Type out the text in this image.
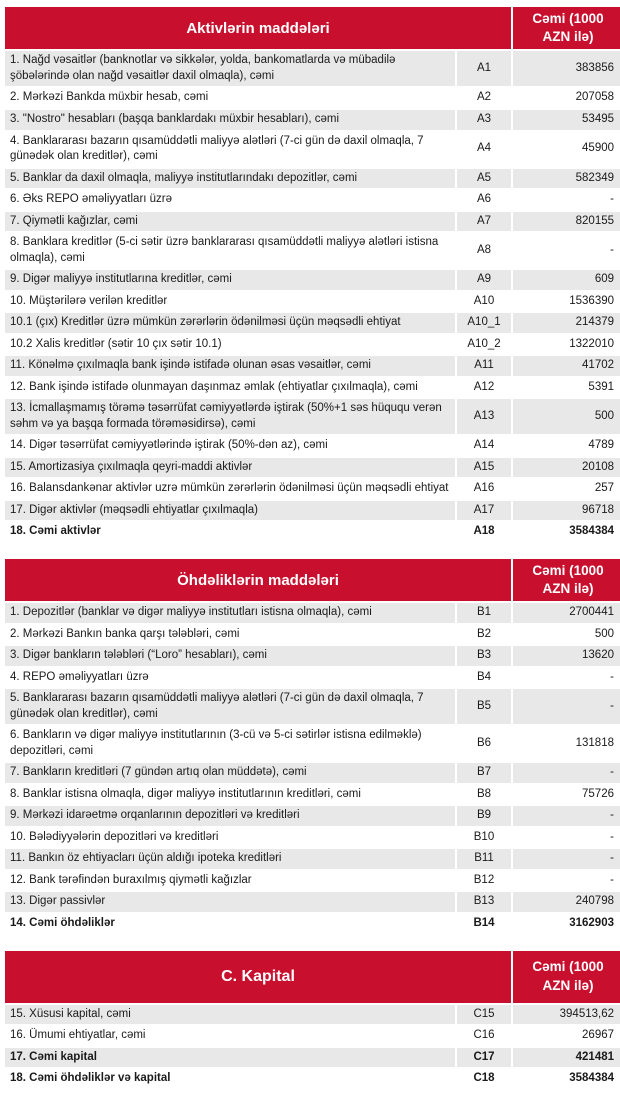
Aktivlərin maddələri		Cəmi (1000 AZN ilə)
1. Nağd vəsaitlər (banknotlar və sikkələr, yolda, bankomatlarda və mübadilə şöbələrində olan nağd vəsaitlər daxil olmaqla), cəmi	A1	383856
2. Mərkəzi Bankda müxbir hesab, cəmi	A2	207058
3. "Nostro" hesabları (başqa banklardakı müxbir hesabları), cəmi	A3	53495
4. Banklararası bazarın qısamüddətli maliyyə alətləri (7-ci gün də daxil olmaqla, 7 günədək olan kreditlər), cəmi	A4	45900
5. Banklar da daxil olmaqla, maliyyə institutlarındakı depozitlər, cəmi	A5	582349
6. Əks REPO əməliyyatları üzrə	A6	-
7. Qiymətli kağızlar, cəmi	A7	820155
8. Banklara kreditlər (5-ci sətir üzrə banklararası qısamüddətli maliyyə alətləri istisna olmaqla), cəmi	A8	-
9. Digər maliyyə institutlarına kreditlər, cəmi	A9	609
10. Müştərilərə verilən kreditlər	A10	1536390
10.1 (çıx) Kreditlər üzrə mümkün zərərlərin ödənilməsi üçün məqsədli ehtiyat	A10_1	214379
10.2 Xalis kreditlər (sətir 10 çıx sətir 10.1)	A10_2	1322010
11. Könəlmə çıxılmaqla bank işində istifadə olunan əsas vəsaitlər, cəmi	A11	41702
12. Bank işində istifadə olunmayan daşınmaz əmlak (ehtiyatlar çıxılmaqla), cəmi	A12	5391
13. İcmallaşmamış törəmə təsərrüfat cəmiyyətlərdə iştirak (50%+1 səs hüququ verən səhm və ya başqa formada törəməsidirsə), cəmi	A13	500
14. Digər təsərrüfat cəmiyyətlərində iştirak (50%-dən az), cəmi	A14	4789
15. Amortizasiya çıxılmaqla qeyri-maddi aktivlər	A15	20108
16. Balansdankənar aktivlər uzrə mümkün zərərlərin ödənilməsi üçün məqsədli ehtiyat	A16	257
17. Digər aktivlər (məqsədli ehtiyatlar çıxılmaqla)	A17	96718
18. Cəmi aktivlər	A18	3584384
Öhdəliklərin maddələri		Cəmi (1000 AZN ilə)
1. Depozitlər (banklar və digər maliyyə institutları istisna olmaqla), cəmi	B1	2700441
2. Mərkəzi Bankın banka qarşı tələbləri, cəmi	B2	500
3. Digər bankların tələbləri (“Loro” hesabları), cəmi	B3	13620
4. REPO əməliyyatları üzrə	B4	-
5. Banklararası bazarın qısamüddətli maliyyə alətləri (7-ci gün də daxil olmaqla, 7 günədək olan kreditlər), cəmi	B5	-
6. Bankların və digər maliyyə institutlarının (3-cü və 5-ci sətirlər istisna edilməklə) depozitləri, cəmi	B6	131818
7. Bankların kreditləri (7 gündən artıq olan müddətə), cəmi	B7	-
8. Banklar istisna olmaqla, digər maliyyə institutlarının kreditləri, cəmi	B8	75726
9. Mərkəzi idarəetmə orqanlarının depozitləri və kreditləri	B9	-
10. Bələdiyyələrin depozitləri və kreditləri	B10	-
11. Bankın öz ehtiyacları üçün aldığı ipoteka kreditləri	B11	-
12. Bank tərəfindən buraxılmış qiymətli kağızlar	B12	-
13. Digər passivlər	B13	240798
14. Cəmi öhdəliklər	B14	3162903
C. Kapital		Cəmi (1000 AZN ilə)
15. Xüsusi kapital, cəmi	C15	394513,62
16. Ümumi ehtiyatlar, cəmi	C16	26967
17. Cəmi kapital	C17	421481
18. Cəmi öhdəliklər və kapital	C18	3584384
